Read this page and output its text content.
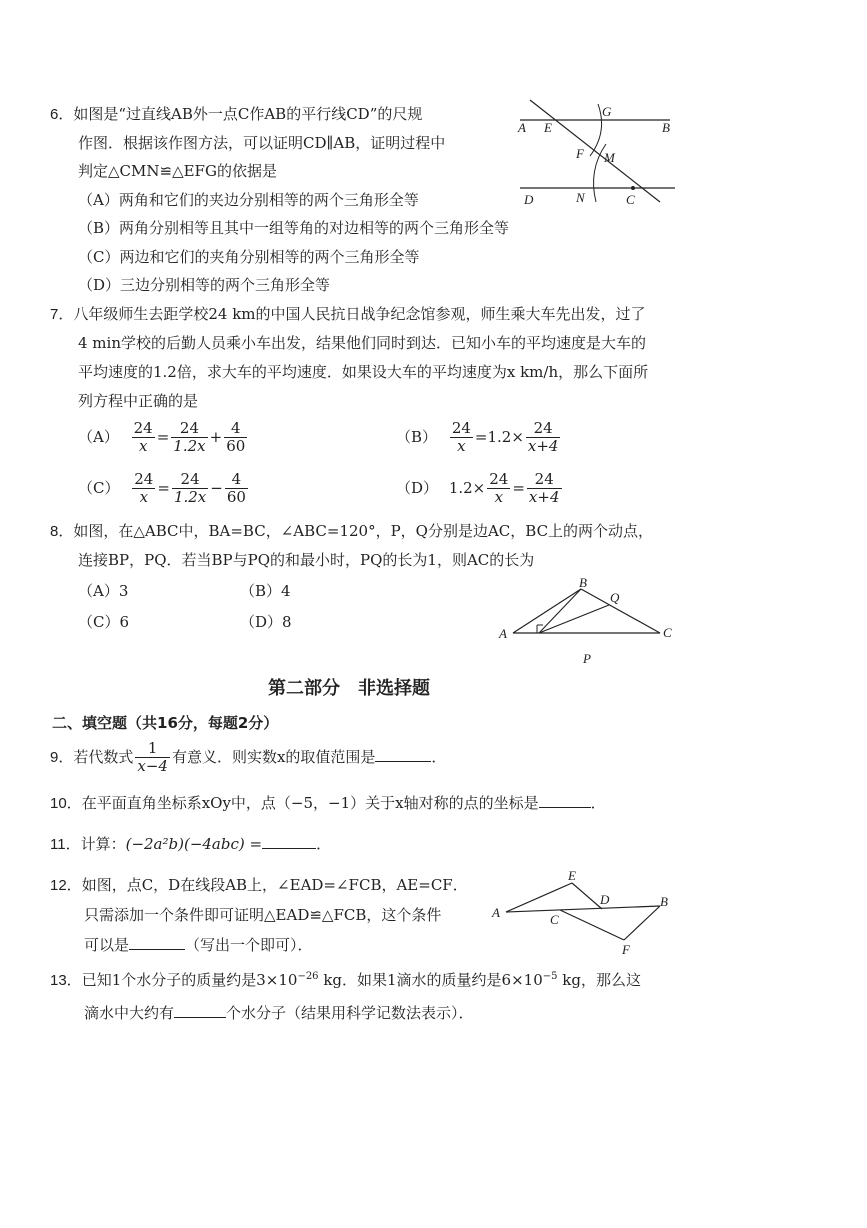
6．如图是“过直线AB外一点C作AB的平行线CD”的尺规
作图．根据该作图方法，可以证明CD∥AB，证明过程中
判定△CMN≌△EFG的依据是
（A）两角和它们的夹边分别相等的两个三角形全等
（B）两角分别相等且其中一组等角的对边相等的两个三角形全等
（C）两边和它们的夹角分别相等的两个三角形全等
（D）三边分别相等的两个三角形全等
A E
G
B
F M
D	N	C
7．八年级师生去距学校24 km的中国人民抗日战争纪念馆参观，师生乘大车先出发，过了
4 min学校的后勤人员乘小车出发，结果他们同时到达．已知小车的平均速度是大车的
平均速度的1.2倍，求大车的平均速度．如果设大车的平均速度为x km/h，那么下面所
列方程中正确的是
$(A) \frac{24}{x} = \frac{24}{1.2x} + \frac{4}{60}$	$(B) \frac{24}{x} =1.2\times \frac{24}{x+4}$
$(C) \frac{24}{x} = \frac{24}{1.2x} - \frac{4}{60}$	（D） $1.2\times \frac{24}{x} = \frac{24}{x+4}$
8．如图，在△ABC中，BA=BC，∠ABC=120°，P，Q分别是边AC，BC上的两个动点，
连接BP，PQ．若当BP与PQ的和最小时，PQ的长为1，则AC的长为
（A）3	（B）4
（C）6	（D）8
A
B
Q
C
P
第二部分　非选择题
二、填空题（共16分，每题2分）
9．若代数式 $\frac{1}{x-4}$ 有意义．则实数x的取值范围是	．
10．在平面直角坐标系xOy中，点（−5，−1）关于x轴对称的点的坐标是	．
11．计算：(−2a²b)(−4abc) =	．
12．如图，点C，D在线段AB上，∠EAD=∠FCB，AE=CF．
只需添加一个条件即可证明△EAD≌△FCB，这个条件
可以是	（写出一个即可）．
A
E
C
D	B
F
13．已知1个水分子的质量约是$3\times 10^{-26}$ kg．如果1滴水的质量约是$6\times 10^{-5}$ kg，那么这
滴水中大约有	个水分子（结果用科学记数法表示）．
